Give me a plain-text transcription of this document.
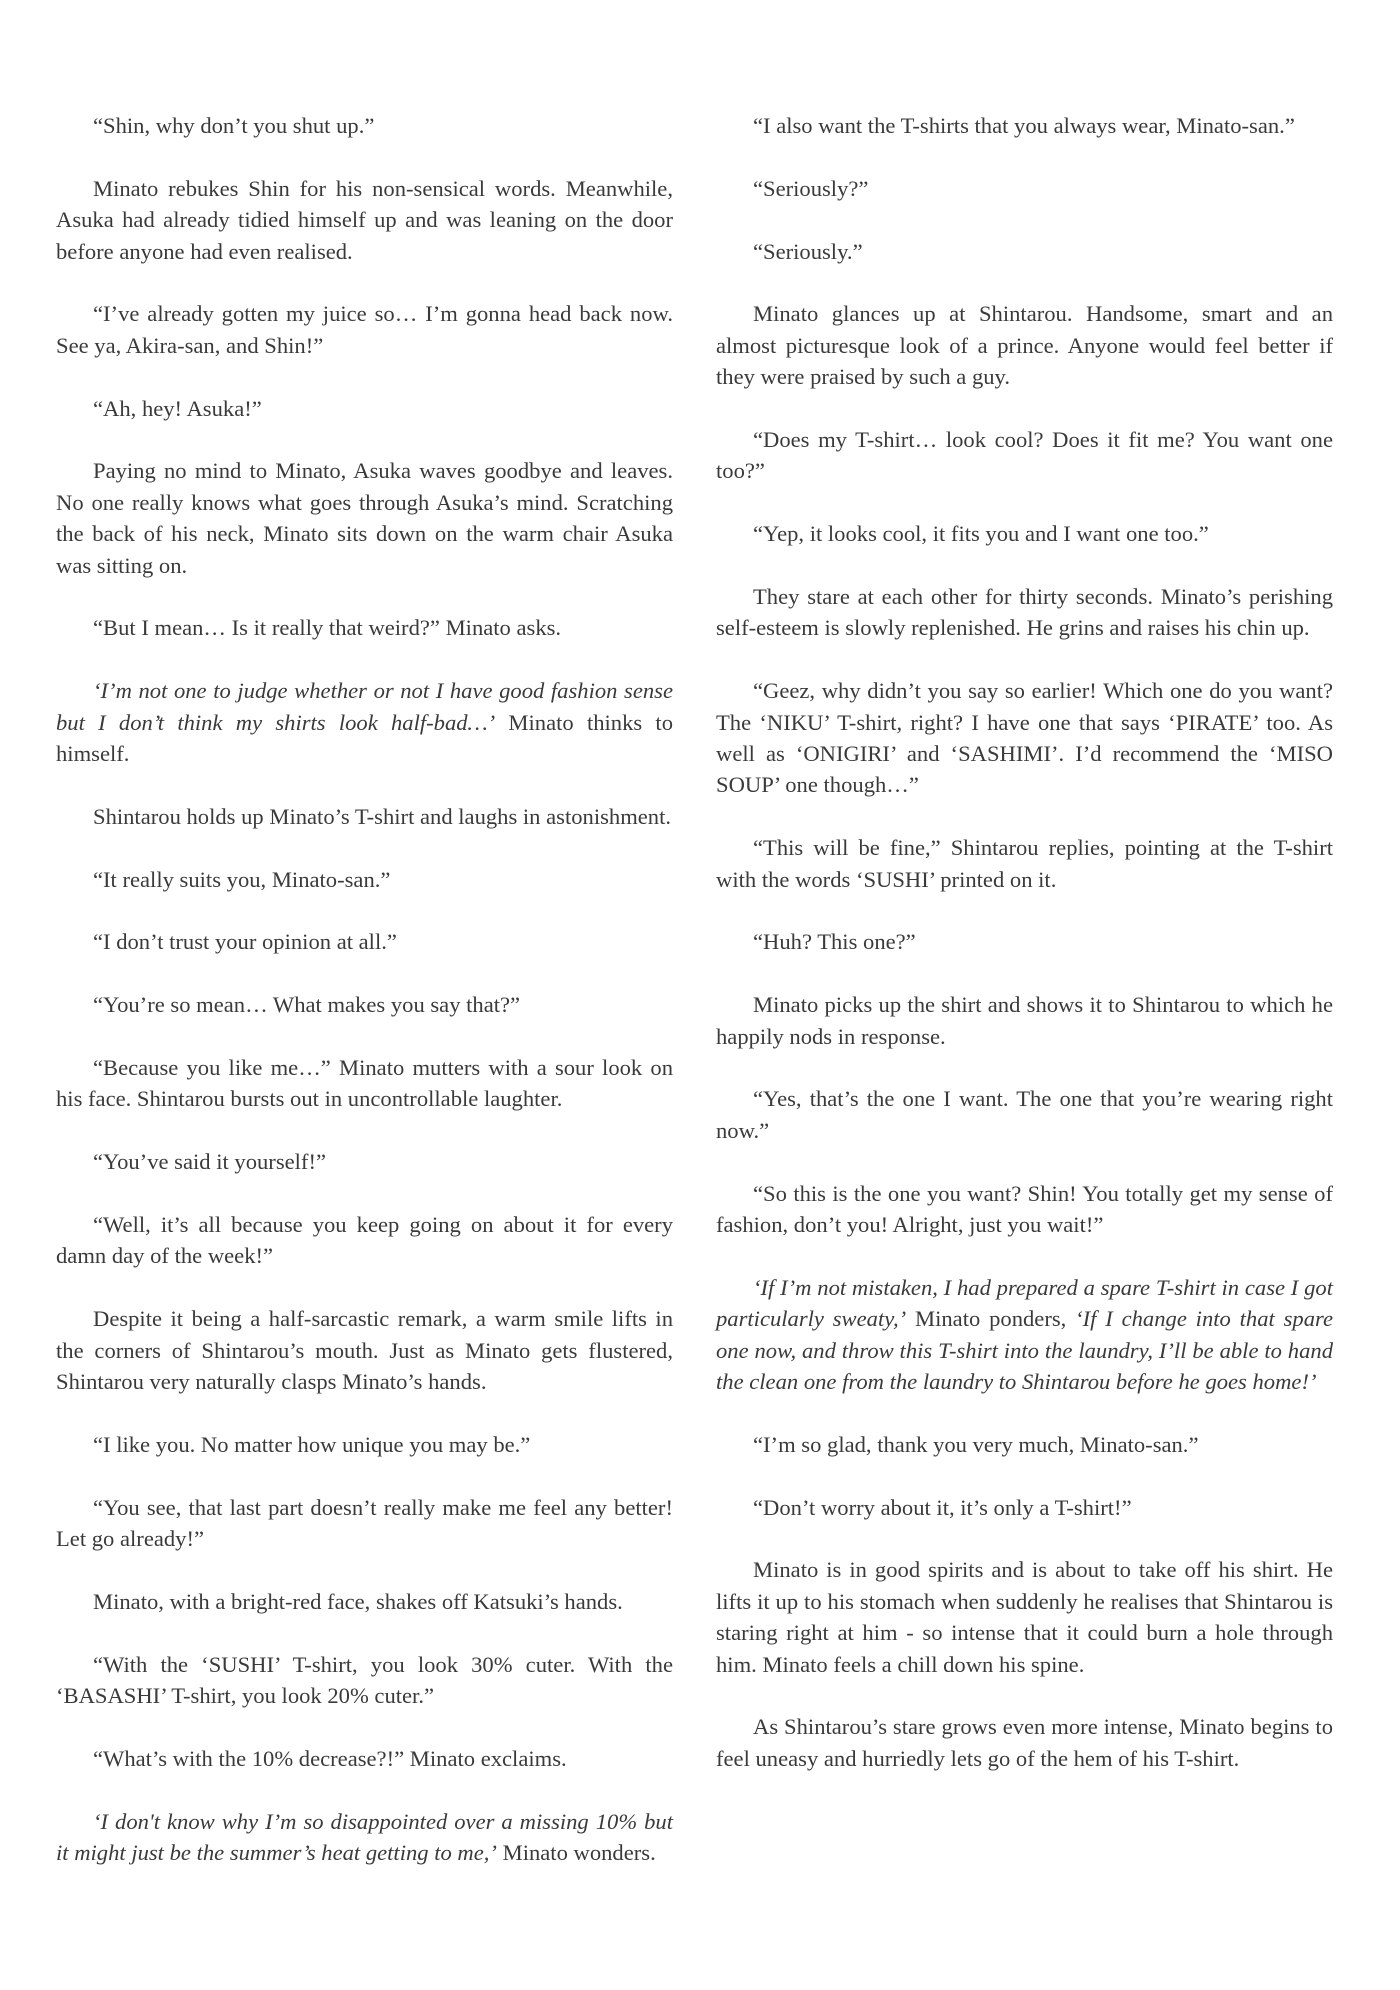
“Shin, why don’t you shut up.”

Minato rebukes Shin for his non-sensical words. Meanwhile, Asuka had already tidied himself up and was leaning on the door before anyone had even realised.

“I’ve already gotten my juice so… I’m gonna head back now. See ya, Akira-san, and Shin!”

“Ah, hey! Asuka!”

Paying no mind to Minato, Asuka waves goodbye and leaves. No one really knows what goes through Asuka’s mind. Scratching the back of his neck, Minato sits down on the warm chair Asuka was sitting on.

“But I mean… Is it really that weird?” Minato asks.

‘I’m not one to judge whether or not I have good fashion sense but I don’t think my shirts look half-bad…’ Minato thinks to himself.

Shintarou holds up Minato’s T-shirt and laughs in astonishment.

“It really suits you, Minato-san.”

“I don’t trust your opinion at all.”

“You’re so mean… What makes you say that?”

“Because you like me…” Minato mutters with a sour look on his face. Shintarou bursts out in uncontrollable laughter.

“You’ve said it yourself!”

“Well, it’s all because you keep going on about it for every damn day of the week!”

Despite it being a half-sarcastic remark, a warm smile lifts in the corners of Shintarou’s mouth. Just as Minato gets flustered, Shintarou very naturally clasps Minato’s hands.

“I like you. No matter how unique you may be.”

“You see, that last part doesn’t really make me feel any better! Let go already!”

Minato, with a bright-red face, shakes off Katsuki’s hands.

“With the ‘SUSHI’ T-shirt, you look 30% cuter. With the ‘BASASHI’ T-shirt, you look 20% cuter.”

“What’s with the 10% decrease?!” Minato exclaims.

‘I don't know why I’m so disappointed over a missing 10% but it might just be the summer’s heat getting to me,’ Minato wonders.

“I also want the T-shirts that you always wear, Minato-san.”

“Seriously?”

“Seriously.”

Minato glances up at Shintarou. Handsome, smart and an almost picturesque look of a prince. Anyone would feel better if they were praised by such a guy.

“Does my T-shirt… look cool? Does it fit me? You want one too?”

“Yep, it looks cool, it fits you and I want one too.”

They stare at each other for thirty seconds. Minato’s perishing self-esteem is slowly replenished. He grins and raises his chin up.

“Geez, why didn’t you say so earlier! Which one do you want? The ‘NIKU’ T-shirt, right? I have one that says ‘PIRATE’ too. As well as ‘ONIGIRI’ and ‘SASHIMI’. I’d recommend the ‘MISO SOUP’ one though…”

“This will be fine,” Shintarou replies, pointing at the T-shirt with the words ‘SUSHI’ printed on it.

“Huh? This one?”

Minato picks up the shirt and shows it to Shintarou to which he happily nods in response.

“Yes, that’s the one I want. The one that you’re wearing right now.”

“So this is the one you want? Shin! You totally get my sense of fashion, don’t you! Alright, just you wait!”

‘If I’m not mistaken, I had prepared a spare T-shirt in case I got particularly sweaty,’ Minato ponders, ‘If I change into that spare one now, and throw this T-shirt into the laundry, I’ll be able to hand the clean one from the laundry to Shintarou before he goes home!’

“I’m so glad, thank you very much, Minato-san.”

“Don’t worry about it, it’s only a T-shirt!”

Minato is in good spirits and is about to take off his shirt. He lifts it up to his stomach when suddenly he realises that Shintarou is staring right at him - so intense that it could burn a hole through him. Minato feels a chill down his spine.

As Shintarou’s stare grows even more intense, Minato begins to feel uneasy and hurriedly lets go of the hem of his T-shirt.
